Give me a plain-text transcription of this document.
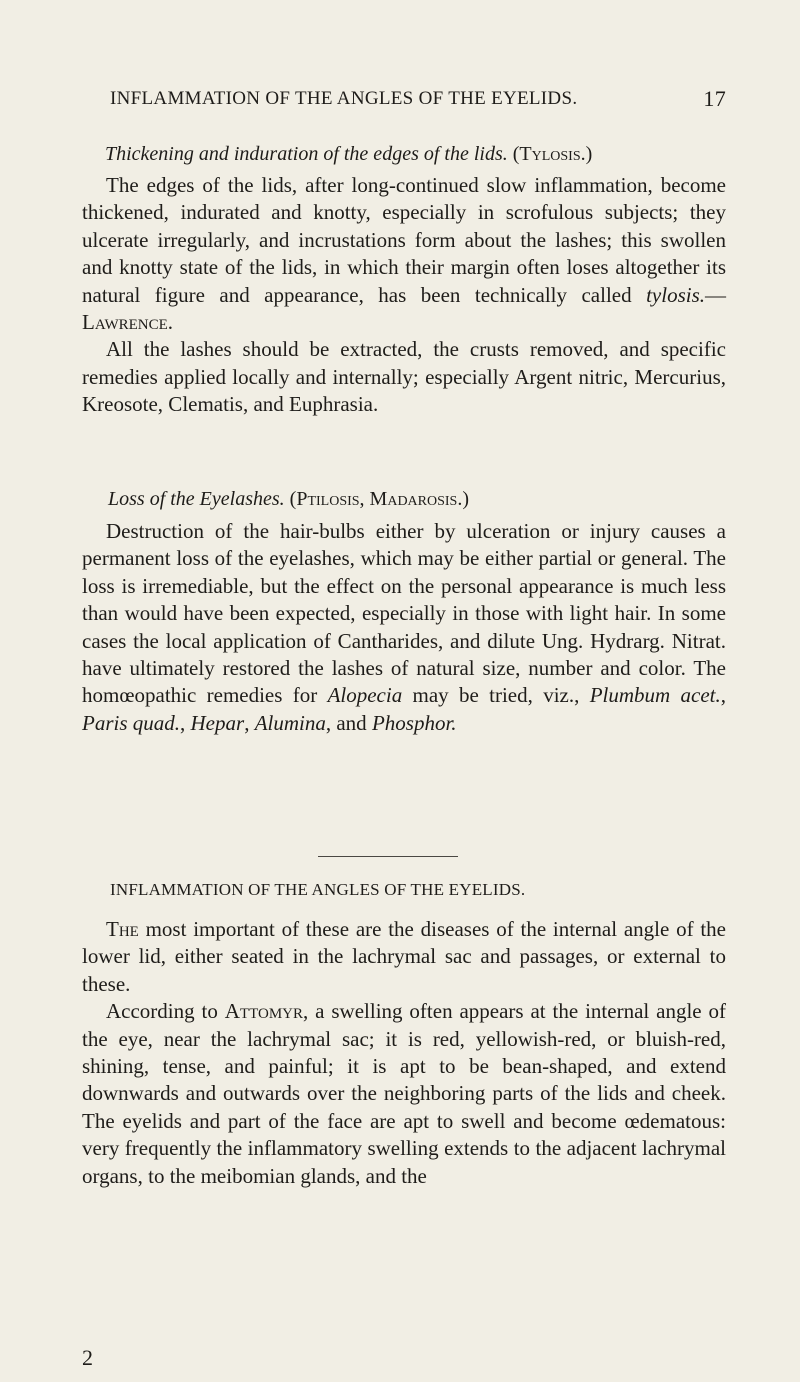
INFLAMMATION OF THE ANGLES OF THE EYELIDS.	17
Thickening and induration of the edges of the lids. (Tylosis.)

The edges of the lids, after long-continued slow inflammation, become thickened, indurated and knotty, especially in scrofulous subjects; they ulcerate irregularly, and incrustations form about the lashes; this swollen and knotty state of the lids, in which their margin often loses altogether its natural figure and appearance, has been technically called tylosis.— Lawrence.

All the lashes should be extracted, the crusts removed, and specific remedies applied locally and internally; especially Argent nitric, Mercurius, Kreosote, Clematis, and Euphrasia.

Loss of the Eyelashes. (Ptilosis, Madarosis.)

Destruction of the hair-bulbs either by ulceration or injury causes a permanent loss of the eyelashes, which may be either partial or general. The loss is irremediable, but the effect on the personal appearance is much less than would have been expected, especially in those with light hair. In some cases the local application of Cantharides, and dilute Ung. Hydrarg. Nitrat. have ultimately restored the lashes of natural size, number and color. The homœopathic remedies for Alopecia may be tried, viz., Plumbum acet., Paris quad., Hepar, Alumina, and Phosphor.

INFLAMMATION OF THE ANGLES OF THE EYELIDS.

The most important of these are the diseases of the internal angle of the lower lid, either seated in the lachrymal sac and passages, or external to these.

According to Attomyr, a swelling often appears at the internal angle of the eye, near the lachrymal sac; it is red, yellowish-red, or bluish-red, shining, tense, and painful; it is apt to be bean-shaped, and extend downwards and outwards over the neighboring parts of the lids and cheek. The eyelids and part of the face are apt to swell and become œdematous: very frequently the inflammatory swelling extends to the adjacent lachrymal organs, to the meibomian glands, and the

2
